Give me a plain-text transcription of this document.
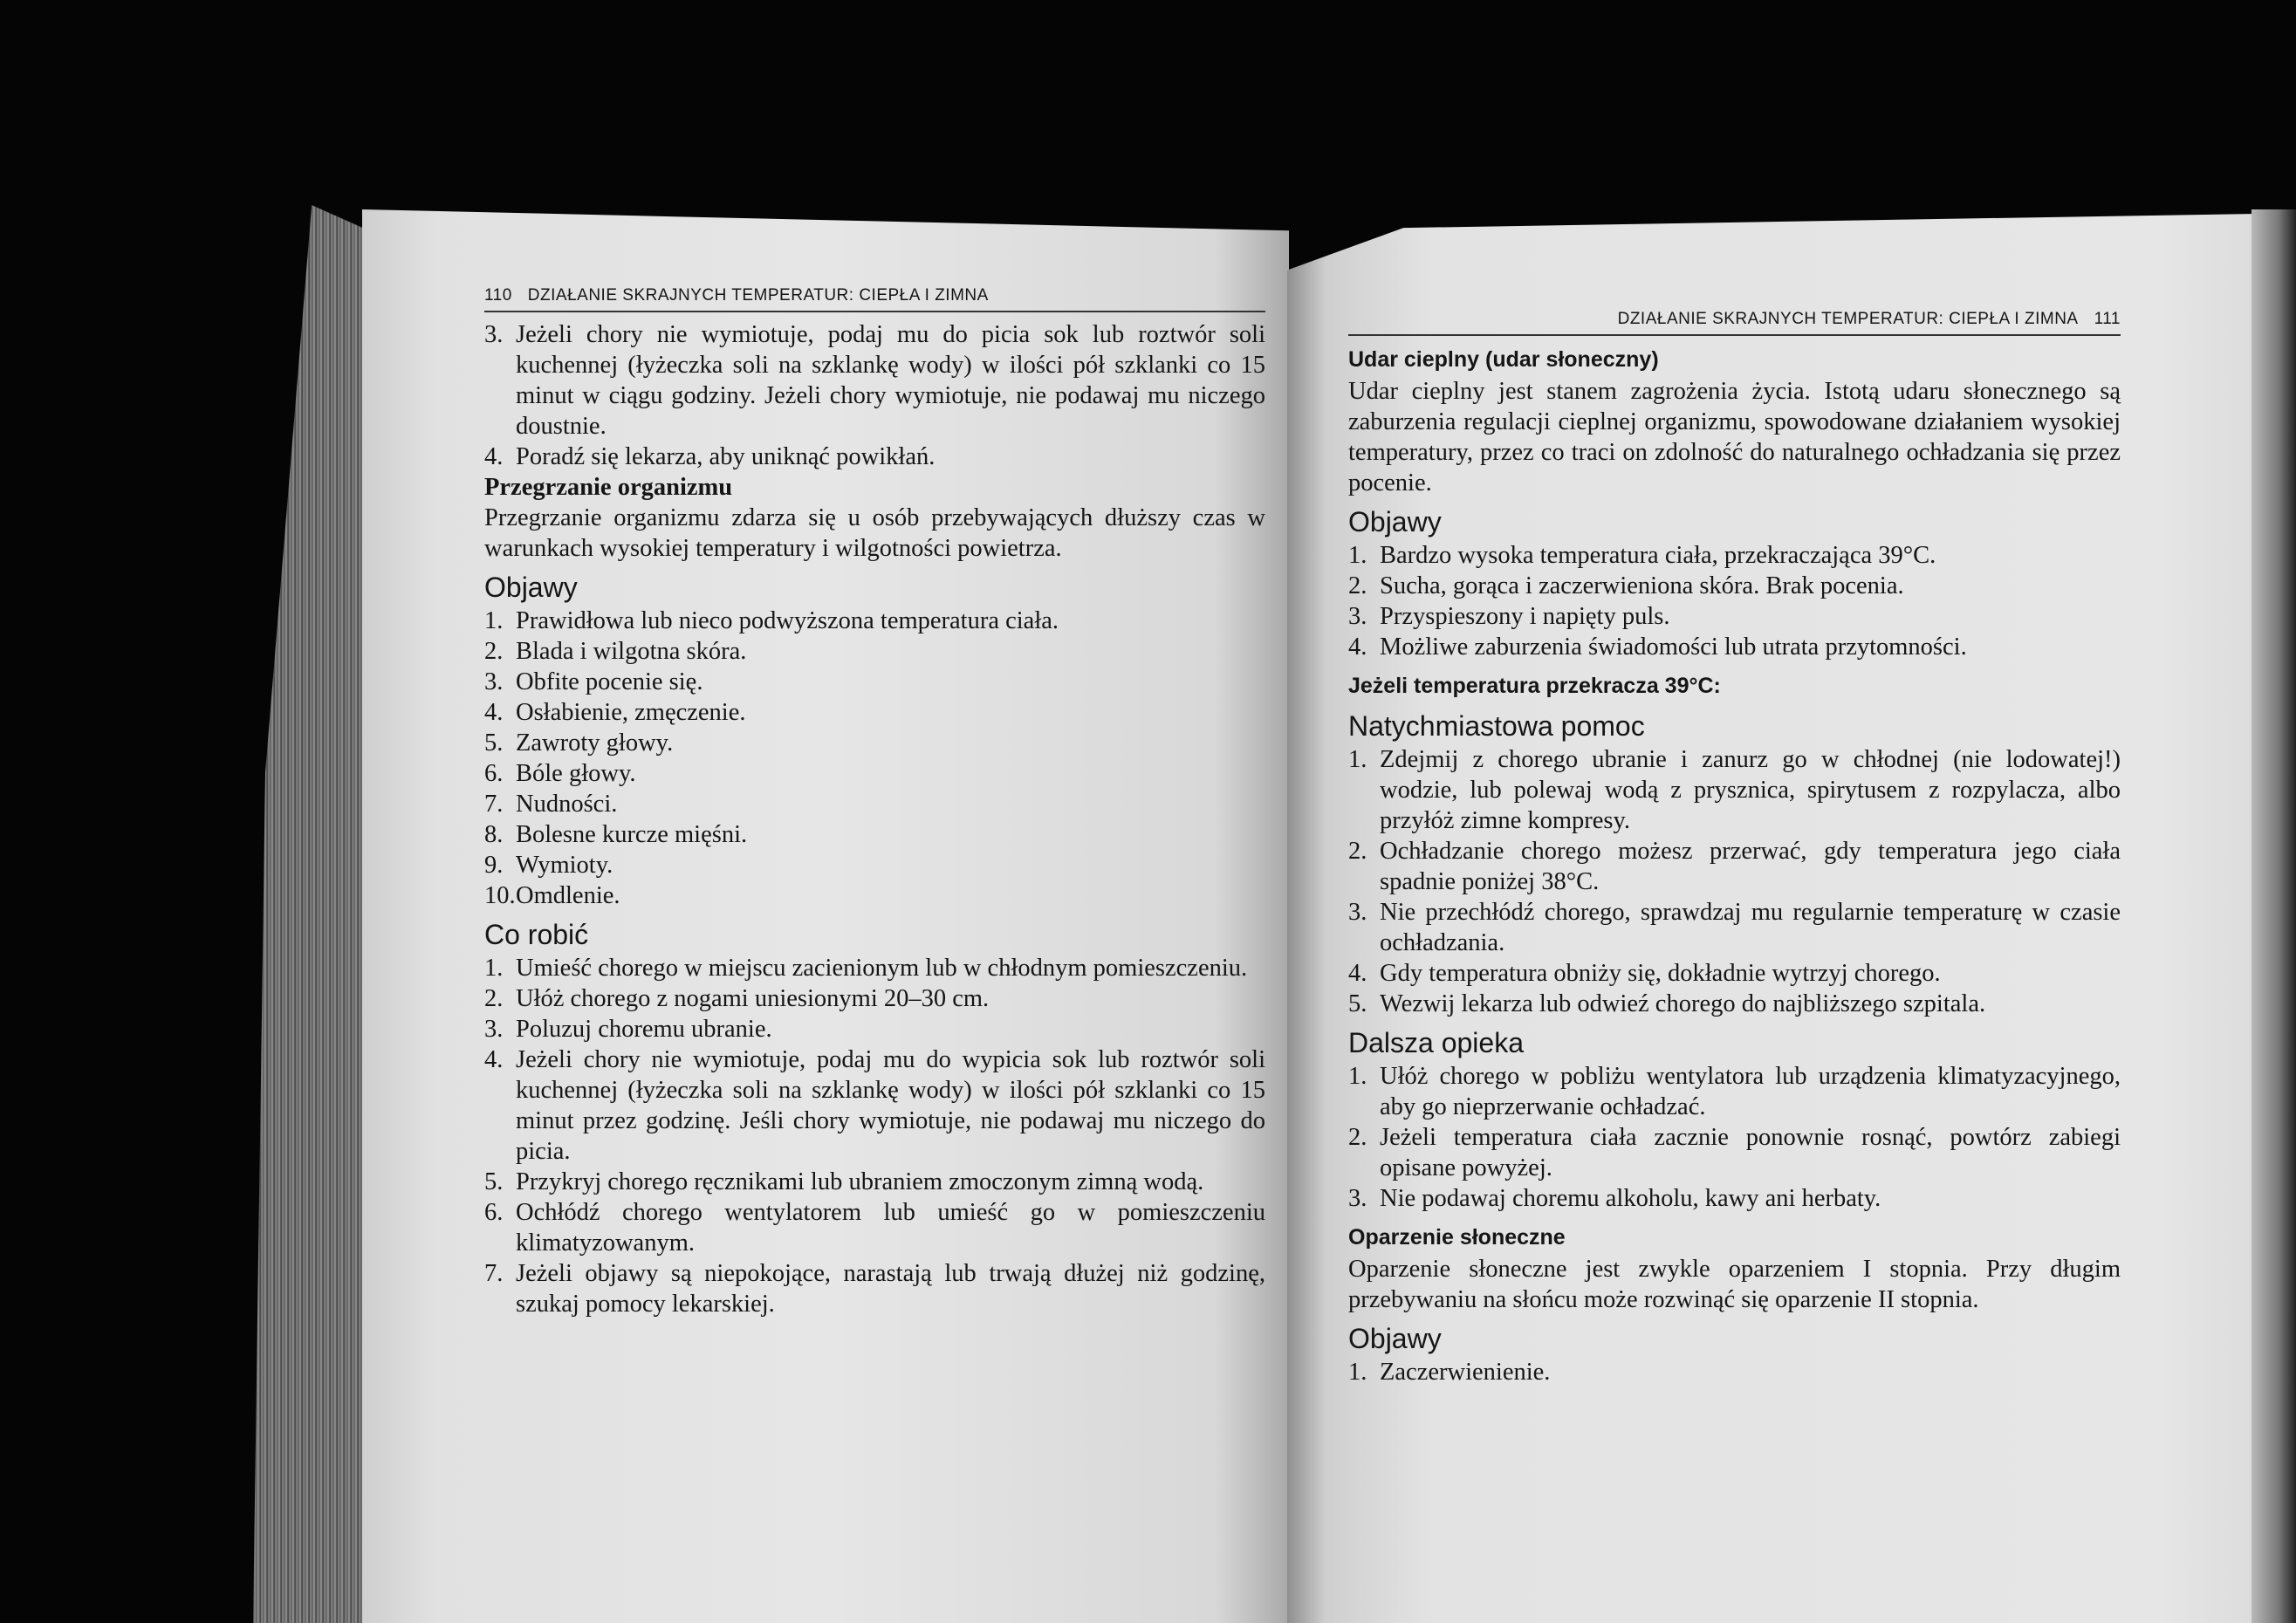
110 DZIAŁANIE SKRAJNYCH TEMPERATUR: CIEPŁA I ZIMNA
3. Jeżeli chory nie wymiotuje, podaj mu do picia sok lub roztwór soli kuchennej (łyżeczka soli na szklankę wody) w ilości pół szklanki co 15 minut w ciągu godziny. Jeżeli chory wymiotuje, nie podawaj mu niczego doustnie.
4. Poradź się lekarza, aby uniknąć powikłań.
Przegrzanie organizmu

Przegrzanie organizmu zdarza się u osób przebywających dłuższy czas w warunkach wysokiej temperatury i wilgotności powietrza.

Objawy
1. Prawidłowa lub nieco podwyższona temperatura ciała.
2. Blada i wilgotna skóra.
3. Obfite pocenie się.
4. Osłabienie, zmęczenie.
5. Zawroty głowy.
6. Bóle głowy.
7. Nudności.
8. Bolesne kurcze mięśni.
9. Wymioty.
10. Omdlenie.
Co robić
1. Umieść chorego w miejscu zacienionym lub w chłodnym pomieszczeniu.
2. Ułóż chorego z nogami uniesionymi 20–30 cm.
3. Poluzuj choremu ubranie.
4. Jeżeli chory nie wymiotuje, podaj mu do wypicia sok lub roztwór soli kuchennej (łyżeczka soli na szklankę wody) w ilości pół szklanki co 15 minut przez godzinę. Jeśli chory wymiotuje, nie podawaj mu niczego do picia.
5. Przykryj chorego ręcznikami lub ubraniem zmoczonym zimną wodą.
6. Ochłódź chorego wentylatorem lub umieść go w pomieszczeniu klimatyzowanym.
7. Jeżeli objawy są niepokojące, narastają lub trwają dłużej niż godzinę, szukaj pomocy lekarskiej.
DZIAŁANIE SKRAJNYCH TEMPERATUR: CIEPŁA I ZIMNA 111
Udar cieplny (udar słoneczny)

Udar cieplny jest stanem zagrożenia życia. Istotą udaru słonecznego są zaburzenia regulacji cieplnej organizmu, spowodowane działaniem wysokiej temperatury, przez co traci on zdolność do naturalnego ochładzania się przez pocenie.

Objawy
1. Bardzo wysoka temperatura ciała, przekraczająca 39°C.
2. Sucha, gorąca i zaczerwieniona skóra. Brak pocenia.
3. Przyspieszony i napięty puls.
4. Możliwe zaburzenia świadomości lub utrata przytomności.
Jeżeli temperatura przekracza 39°C:
Natychmiastowa pomoc
1. Zdejmij z chorego ubranie i zanurz go w chłodnej (nie lodowatej!) wodzie, lub polewaj wodą z prysznica, spirytusem z rozpylacza, albo przyłóż zimne kompresy.
2. Ochładzanie chorego możesz przerwać, gdy temperatura jego ciała spadnie poniżej 38°C.
3. Nie przechłódź chorego, sprawdzaj mu regularnie temperaturę w czasie ochładzania.
4. Gdy temperatura obniży się, dokładnie wytrzyj chorego.
5. Wezwij lekarza lub odwieź chorego do najbliższego szpitala.
Dalsza opieka
1. Ułóż chorego w pobliżu wentylatora lub urządzenia klimatyzacyjnego, aby go nieprzerwanie ochładzać.
2. Jeżeli temperatura ciała zacznie ponownie rosnąć, powtórz zabiegi opisane powyżej.
3. Nie podawaj choremu alkoholu, kawy ani herbaty.
Oparzenie słoneczne

Oparzenie słoneczne jest zwykle oparzeniem I stopnia. Przy długim przebywaniu na słońcu może rozwinąć się oparzenie II stopnia.

Objawy
1. Zaczerwienienie.
